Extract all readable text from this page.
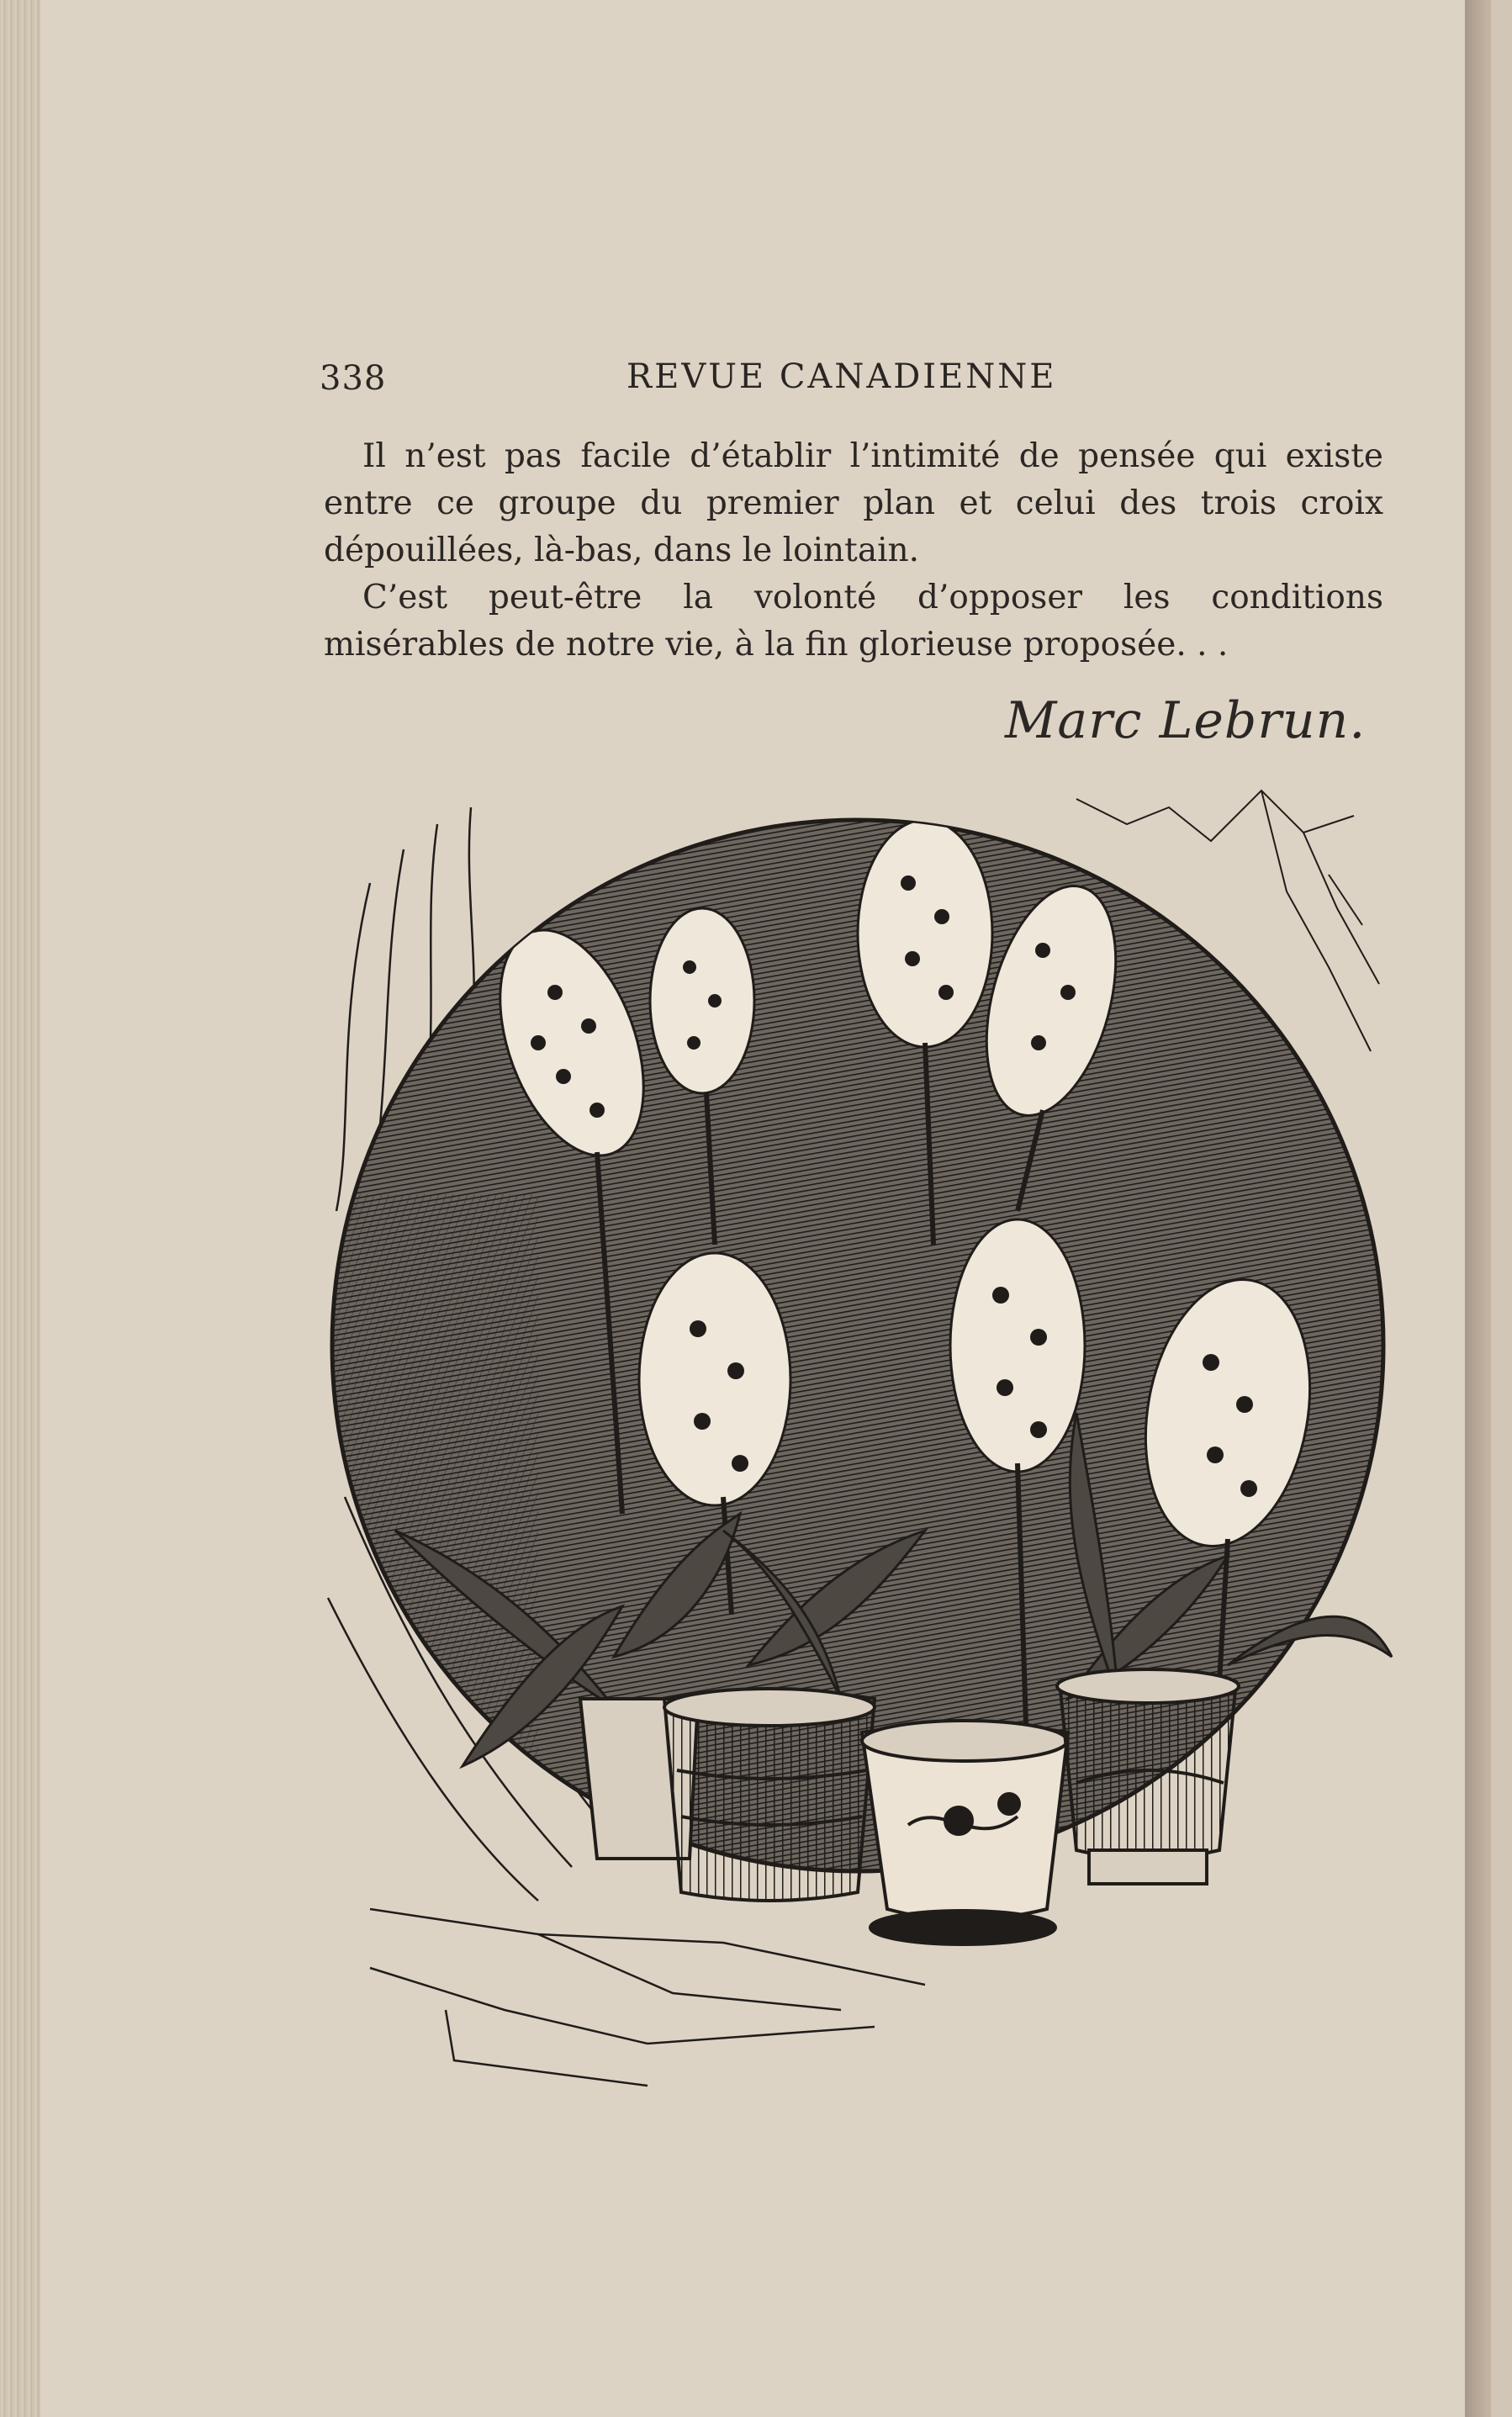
338	REVUE CANADIENNE

Il n’est pas facile d’établir l’intimité de pensée qui existe entre ce groupe du premier plan et celui des trois croix dépouillées, là-bas, dans le lointain.

C’est peut-être la volonté d’opposer les conditions misérables de notre vie, à la fin glorieuse proposée. . .

Marc Lebrun.
